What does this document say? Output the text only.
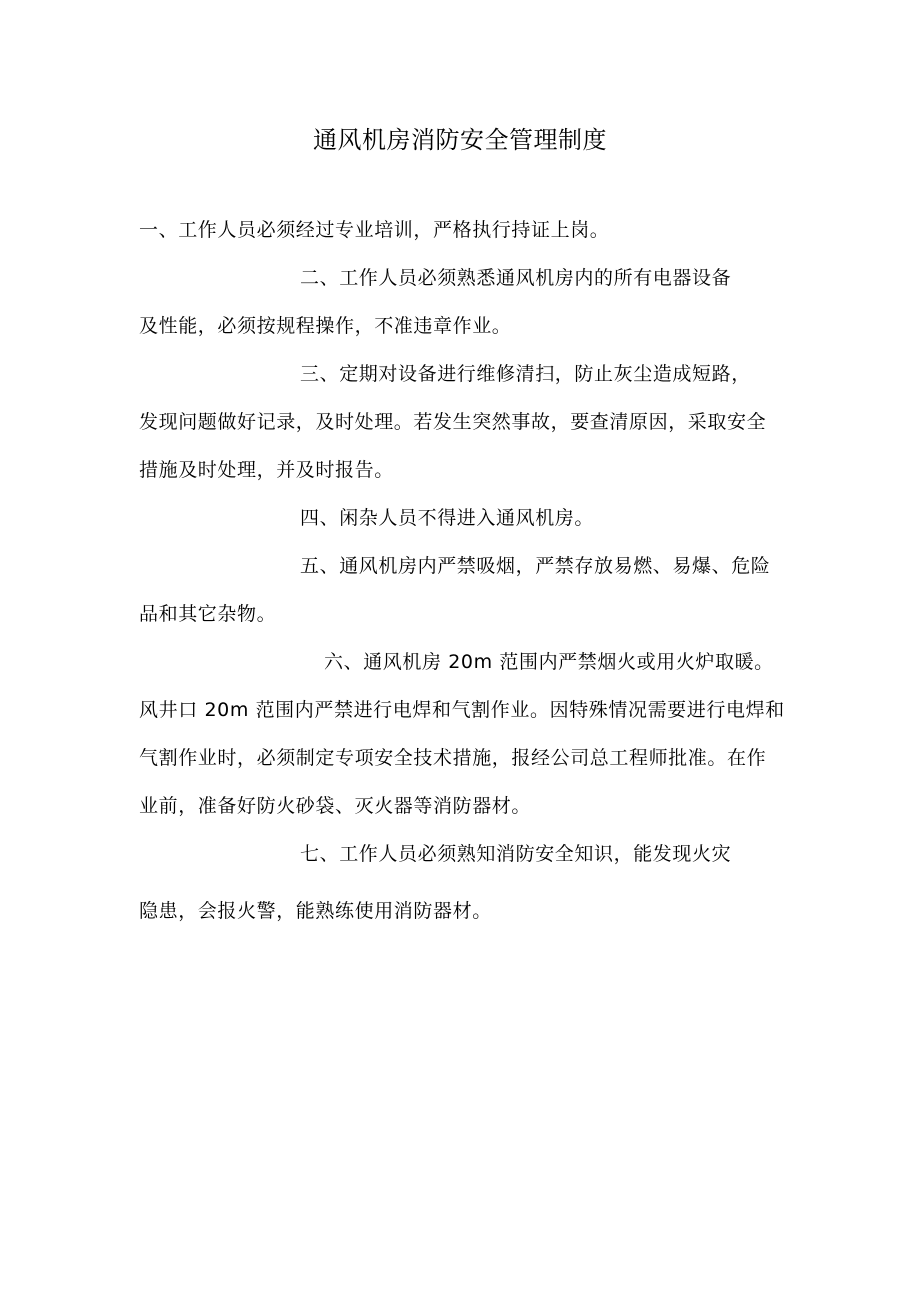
通风机房消防安全管理制度
一、工作人员必须经过专业培训，严格执行持证上岗。
二、工作人员必须熟悉通风机房内的所有电器设备
及性能，必须按规程操作，不准违章作业。
三、定期对设备进行维修清扫，防止灰尘造成短路，
发现问题做好记录，及时处理。若发生突然事故，要查清原因，采取安全
措施及时处理，并及时报告。
四、闲杂人员不得进入通风机房。
五、通风机房内严禁吸烟，严禁存放易燃、易爆、危险
品和其它杂物。
六、通风机房 20m 范围内严禁烟火或用火炉取暖。
风井口 20m 范围内严禁进行电焊和气割作业。因特殊情况需要进行电焊和
气割作业时，必须制定专项安全技术措施，报经公司总工程师批准。在作
业前，准备好防火砂袋、灭火器等消防器材。
七、工作人员必须熟知消防安全知识，能发现火灾
隐患，会报火警，能熟练使用消防器材。
